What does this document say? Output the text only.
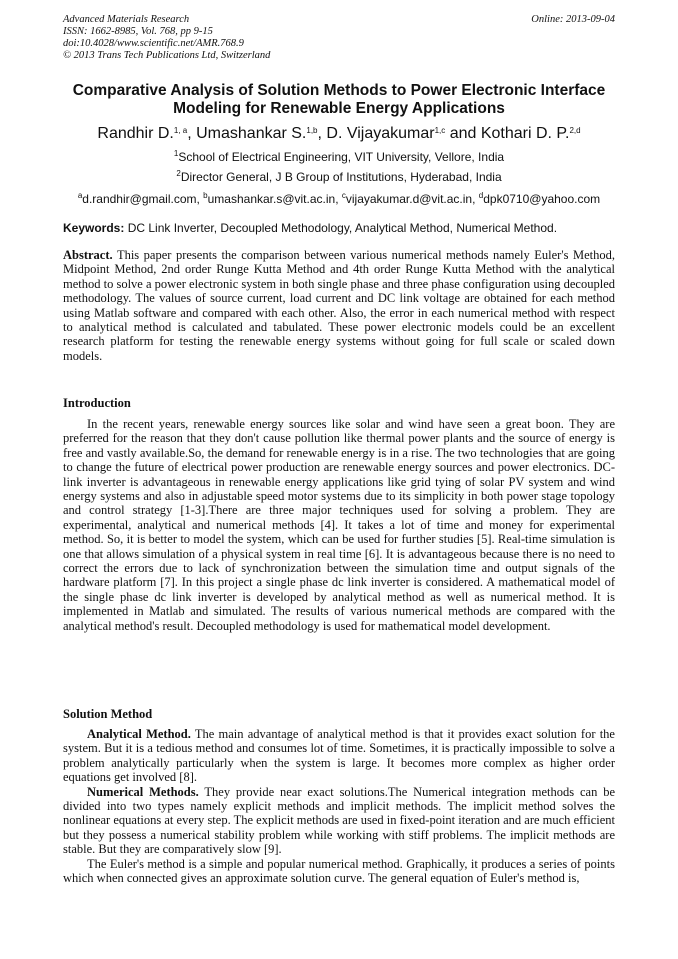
Advanced Materials Research
ISSN: 1662-8985, Vol. 768, pp 9-15
doi:10.4028/www.scientific.net/AMR.768.9
© 2013 Trans Tech Publications Ltd, Switzerland
Online: 2013-09-04
Comparative Analysis of Solution Methods to Power Electronic Interface Modeling for Renewable Energy Applications
Randhir D.$^{1, a}$, Umashankar S.$^{1,b}$, D. Vijayakumar$^{1,c}$ and Kothari D. P.$^{2,d}$
$^1$School of Electrical Engineering, VIT University, Vellore, India
$^2$Director General, J B Group of Institutions, Hyderabad, India
$^a$d.randhir@gmail.com, $^b$umashankar.s@vit.ac.in, $^c$vijayakumar.d@vit.ac.in, $^d$dpk0710@yahoo.com
Keywords: DC Link Inverter, Decoupled Methodology, Analytical Method, Numerical Method.

Abstract. This paper presents the comparison between various numerical methods namely Euler's Method, Midpoint Method, 2nd order Runge Kutta Method and 4th order Runge Kutta Method with the analytical method to solve a power electronic system in both single phase and three phase configuration using decoupled methodology. The values of source current, load current and DC link voltage are obtained for each method using Matlab software and compared with each other. Also, the error in each numerical method with respect to analytical method is calculated and tabulated. These power electronic models could be an excellent research platform for testing the renewable energy systems without going for full scale or scaled down models.

Introduction

In the recent years, renewable energy sources like solar and wind have seen a great boon. They are preferred for the reason that they don't cause pollution like thermal power plants and the source of energy is free and vastly available.So, the demand for renewable energy is in a rise. The two technologies that are going to change the future of electrical power production are renewable energy sources and power electronics. DC-link inverter is advantageous in renewable energy applications like grid tying of solar PV system and wind energy systems and also in adjustable speed motor systems due to its simplicity in both power stage topology and control strategy [1-3].There are three major techniques used for solving a problem. They are experimental, analytical and numerical methods [4]. It takes a lot of time and money for experimental method. So, it is better to model the system, which can be used for further studies [5]. Real-time simulation is one that allows simulation of a physical system in real time [6]. It is advantageous because there is no need to correct the errors due to lack of synchronization between the simulation time and output signals of the hardware platform [7]. In this project a single phase dc link inverter is considered. A mathematical model of the single phase dc link inverter is developed by analytical method as well as numerical method. It is implemented in Matlab and simulated. The results of various numerical methods are compared with the analytical method's result. Decoupled methodology is used for mathematical model development.

Solution Method

Analytical Method. The main advantage of analytical method is that it provides exact solution for the system. But it is a tedious method and consumes lot of time. Sometimes, it is practically impossible to solve a problem analytically particularly when the system is large. It becomes more complex as higher order equations get involved [8].

Numerical Methods. They provide near exact solutions.The Numerical integration methods can be divided into two types namely explicit methods and implicit methods. The implicit method solves the nonlinear equations at every step. The explicit methods are used in fixed-point iteration and are much efficient but they possess a numerical stability problem while working with stiff problems. The implicit methods are stable. But they are comparatively slow [9].

The Euler's method is a simple and popular numerical method. Graphically, it produces a series of points which when connected gives an approximate solution curve. The general equation of Euler's method is,
